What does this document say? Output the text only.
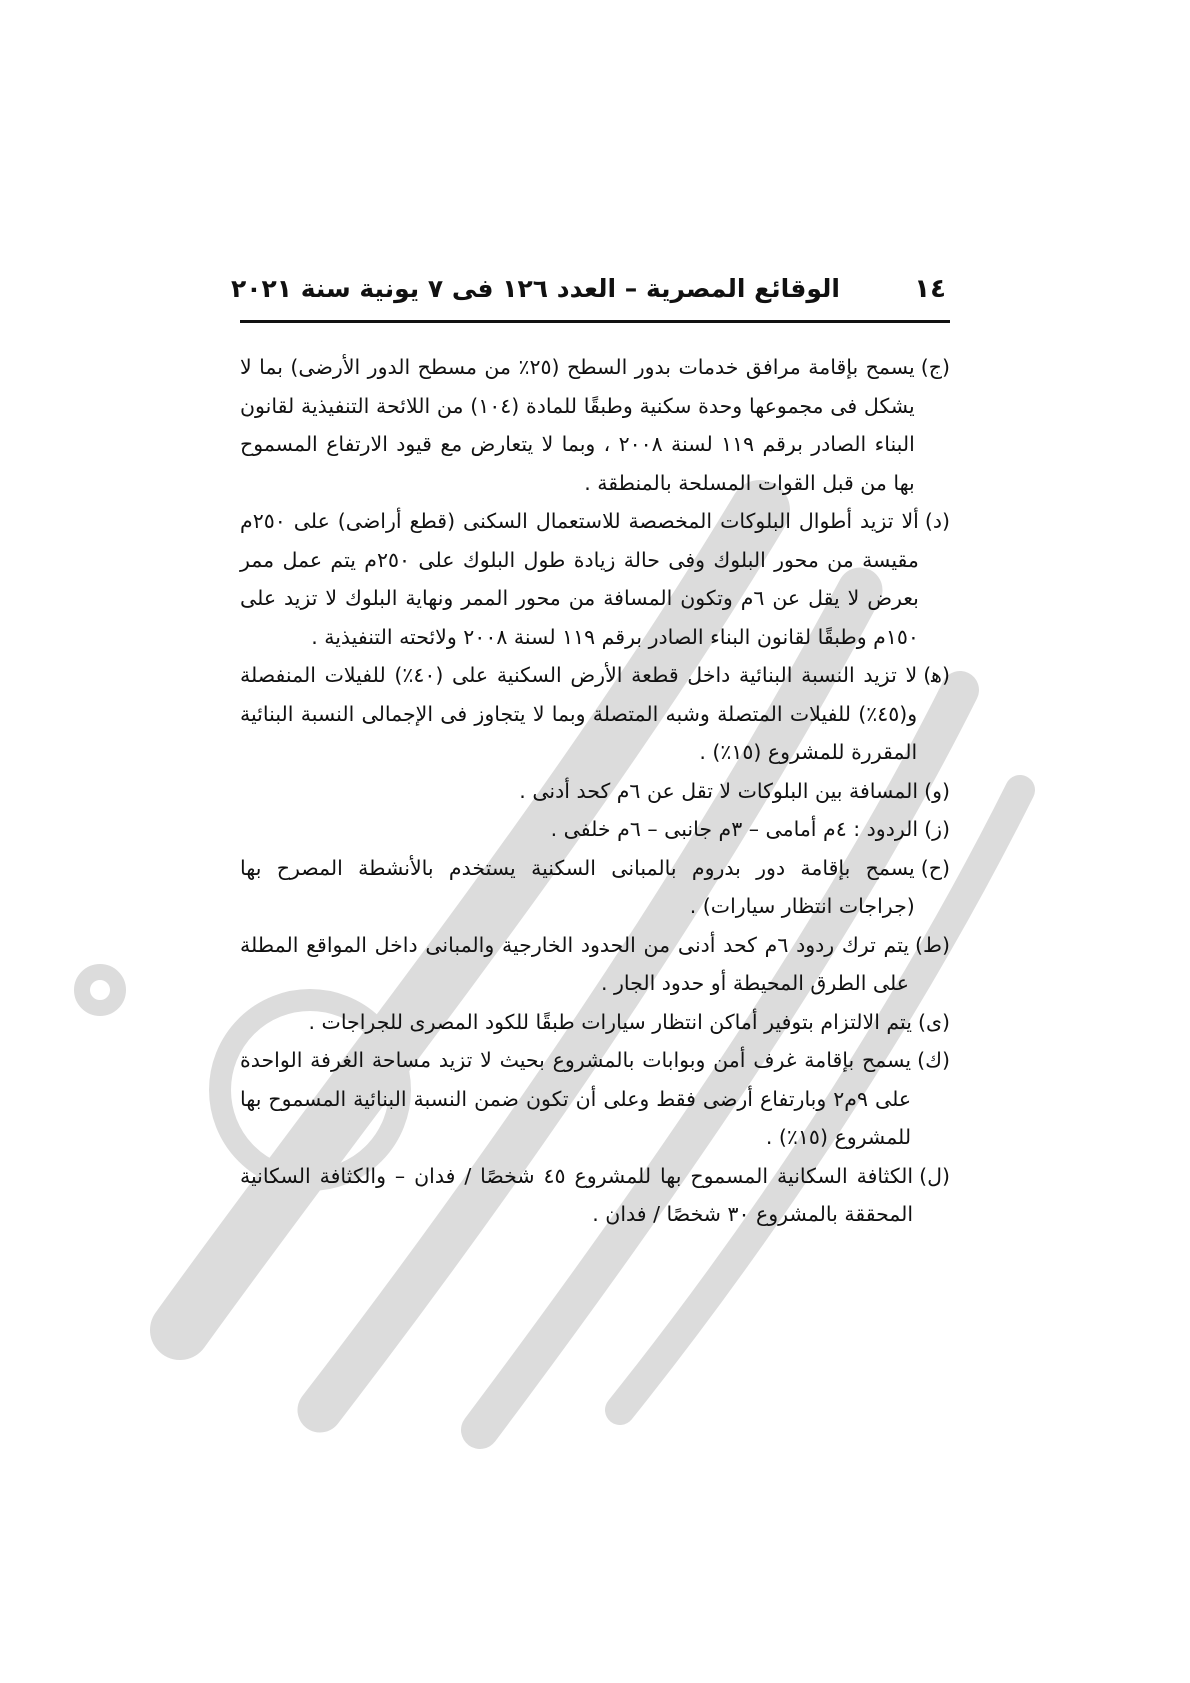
١٤
الوقائع المصرية – العدد ١٢٦ فى ٧ يونية سنة ٢٠٢١
(ج)
يسمح بإقامة مرافق خدمات بدور السطح (٢٥٪ من مسطح الدور الأرضى) بما لا يشكل فى مجموعها وحدة سكنية وطبقًا للمادة (١٠٤) من اللائحة التنفيذية لقانون البناء الصادر برقم ١١٩ لسنة ٢٠٠٨ ، وبما لا يتعارض مع قيود الارتفاع المسموح بها من قبل القوات المسلحة بالمنطقة .
(د)
ألا تزيد أطوال البلوكات المخصصة للاستعمال السكنى (قطع أراضى) على ٢٥٠م مقيسة من محور البلوك وفى حالة زيادة طول البلوك على ٢٥٠م يتم عمل ممر بعرض لا يقل عن ٦م وتكون المسافة من محور الممر ونهاية البلوك لا تزيد على ١٥٠م وطبقًا لقانون البناء الصادر برقم ١١٩ لسنة ٢٠٠٨ ولائحته التنفيذية .
(ﻫ)
لا تزيد النسبة البنائية داخل قطعة الأرض السكنية على (٤٠٪) للفيلات المنفصلة و(٤٥٪) للفيلات المتصلة وشبه المتصلة وبما لا يتجاوز فى الإجمالى النسبة البنائية المقررة للمشروع (١٥٪) .
(و)
المسافة بين البلوكات لا تقل عن ٦م كحد أدنى .
(ز)
الردود : ٤م أمامى – ٣م جانبى – ٦م خلفى .
(ح)
يسمح بإقامة دور بدروم بالمبانى السكنية يستخدم بالأنشطة المصرح بها (جراجات انتظار سيارات) .
(ط)
يتم ترك ردود ٦م كحد أدنى من الحدود الخارجية والمبانى داخل المواقع المطلة على الطرق المحيطة أو حدود الجار .
(ى)
يتم الالتزام بتوفير أماكن انتظار سيارات طبقًا للكود المصرى للجراجات .
(ك)
يسمح بإقامة غرف أمن وبوابات بالمشروع بحيث لا تزيد مساحة الغرفة الواحدة على ٩م٢ وبارتفاع أرضى فقط وعلى أن تكون ضمن النسبة البنائية المسموح بها للمشروع (١٥٪) .
(ل)
الكثافة السكانية المسموح بها للمشروع ٤٥ شخصًا / فدان – والكثافة السكانية المحققة بالمشروع ٣٠ شخصًا / فدان .
